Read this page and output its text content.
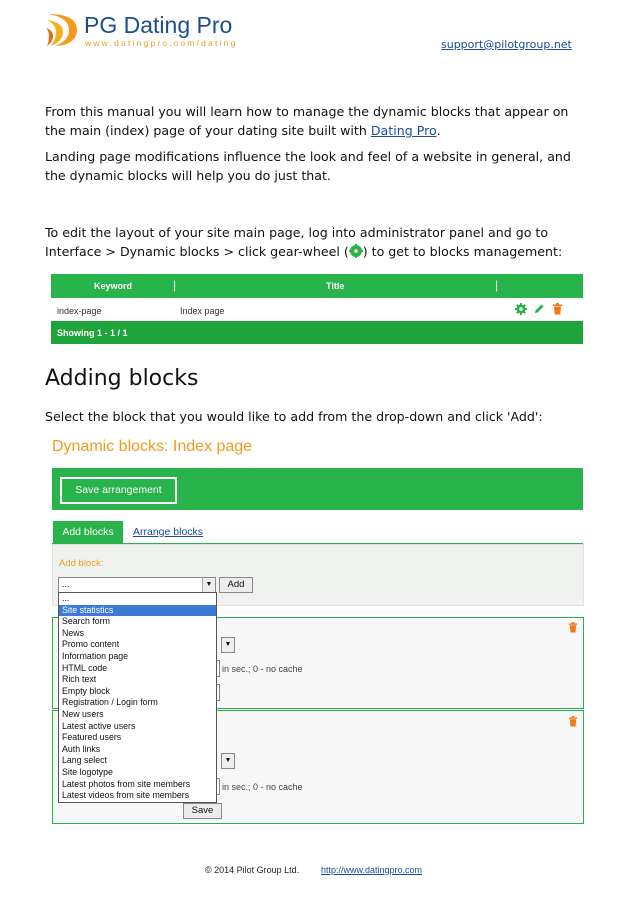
PG Dating Pro
www.datingpro.com/dating	support@pilotgroup.net
From this manual you will learn how to manage the dynamic blocks that appear on the main (index) page of your dating site built with Dating Pro.
Landing page modifications influence the look and feel of a website in general, and the dynamic blocks will help you do just that.
To edit the layout of your site main page, log into administrator panel and go to Interface > Dynamic blocks > click gear-wheel ( ) to get to blocks management:
Keyword	|	Title	|
index-page	Index page
Showing 1 - 1 / 1
Adding blocks
Select the block that you would like to add from the drop-down and click 'Add':
Dynamic blocks: Index page
Save arrangement
Add blocks	Arrange blocks
Add block:
...	▼	Add
▼
in sec.; 0 - no cache
▼
in sec.; 0 - no cache
Save
...
Site statistics
Search form
News
Promo content
Information page
HTML code
Rich text
Empty block
Registration / Login form
New users
Latest active users
Featured users
Auth links
Lang select
Site logotype
Latest photos from site members
Latest videos from site members
© 2014 Pilot Group Ltd. http://www.datingpro.com
